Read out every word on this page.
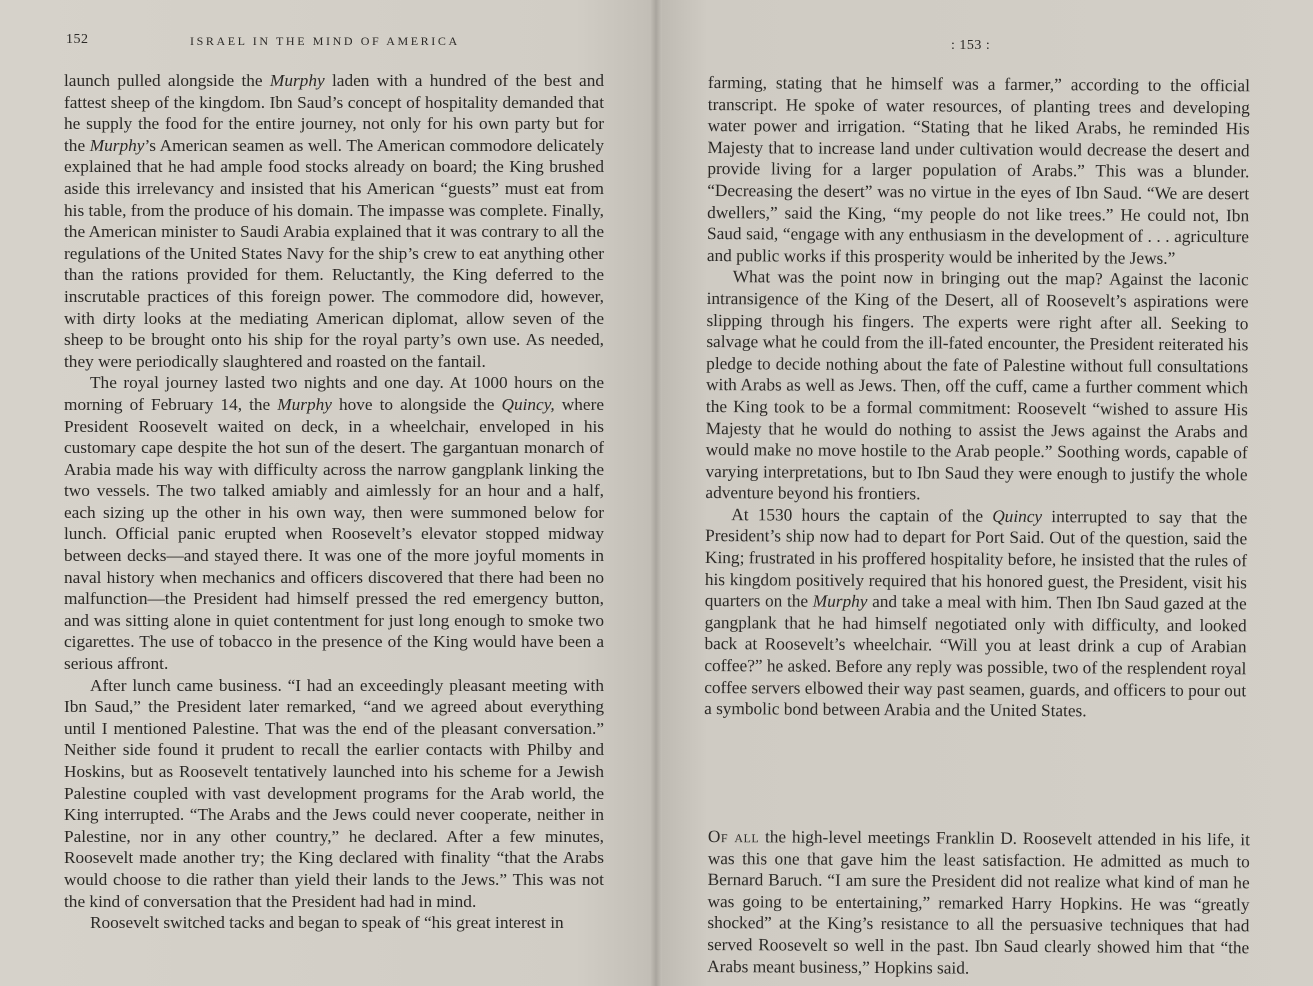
152	ISRAEL IN THE MIND OF AMERICA

launch pulled alongside the Murphy laden with a hundred of the best and fattest sheep of the kingdom. Ibn Saud’s concept of hospitality demanded that he supply the food for the entire journey, not only for his own party but for the Murphy’s American seamen as well. The American commodore delicately explained that he had ample food stocks already on board; the King brushed aside this irrelevancy and insisted that his American “guests” must eat from his table, from the produce of his domain. The impasse was complete. Finally, the American minister to Saudi Arabia explained that it was contrary to all the regulations of the United States Navy for the ship’s crew to eat anything other than the rations provided for them. Reluctantly, the King deferred to the inscrutable practices of this foreign power. The commodore did, however, with dirty looks at the mediating American diplomat, allow seven of the sheep to be brought onto his ship for the royal party’s own use. As needed, they were periodically slaughtered and roasted on the fantail.

The royal journey lasted two nights and one day. At 1000 hours on the morning of February 14, the Murphy hove to alongside the Quincy, where President Roosevelt waited on deck, in a wheelchair, enveloped in his customary cape despite the hot sun of the desert. The gargantuan monarch of Arabia made his way with difficulty across the narrow gangplank linking the two vessels. The two talked amiably and aimlessly for an hour and a half, each sizing up the other in his own way, then were summoned below for lunch. Official panic erupted when Roosevelt’s elevator stopped midway between decks—and stayed there. It was one of the more joyful moments in naval history when mechanics and officers discovered that there had been no malfunction—the President had himself pressed the red emergency button, and was sitting alone in quiet contentment for just long enough to smoke two cigarettes. The use of tobacco in the presence of the King would have been a serious affront.

After lunch came business. “I had an exceedingly pleasant meeting with Ibn Saud,” the President later remarked, “and we agreed about everything until I mentioned Palestine. That was the end of the pleasant conversation.” Neither side found it prudent to recall the earlier contacts with Philby and Hoskins, but as Roosevelt tentatively launched into his scheme for a Jewish Palestine coupled with vast development programs for the Arab world, the King interrupted. “The Arabs and the Jews could never cooperate, neither in Palestine, nor in any other country,” he declared. After a few minutes, Roosevelt made another try; the King declared with finality “that the Arabs would choose to die rather than yield their lands to the Jews.” This was not the kind of conversation that the President had had in mind.

Roosevelt switched tacks and began to speak of “his great interest in

: 153 :

farming, stating that he himself was a farmer,” according to the official transcript. He spoke of water resources, of planting trees and developing water power and irrigation. “Stating that he liked Arabs, he reminded His Majesty that to increase land under cultivation would decrease the desert and provide living for a larger population of Arabs.” This was a blunder. “Decreasing the desert” was no virtue in the eyes of Ibn Saud. “We are desert dwellers,” said the King, “my people do not like trees.” He could not, Ibn Saud said, “engage with any enthusiasm in the development of . . . agriculture and public works if this prosperity would be inherited by the Jews.”

What was the point now in bringing out the map? Against the laconic intransigence of the King of the Desert, all of Roosevelt’s aspirations were slipping through his fingers. The experts were right after all. Seeking to salvage what he could from the ill-fated encounter, the President reiterated his pledge to decide nothing about the fate of Palestine without full consultations with Arabs as well as Jews. Then, off the cuff, came a further comment which the King took to be a formal commitment: Roosevelt “wished to assure His Majesty that he would do nothing to assist the Jews against the Arabs and would make no move hostile to the Arab people.” Soothing words, capable of varying interpretations, but to Ibn Saud they were enough to justify the whole adventure beyond his frontiers.

At 1530 hours the captain of the Quincy interrupted to say that the President’s ship now had to depart for Port Said. Out of the question, said the King; frustrated in his proffered hospitality before, he insisted that the rules of his kingdom positively required that his honored guest, the President, visit his quarters on the Murphy and take a meal with him. Then Ibn Saud gazed at the gangplank that he had himself negotiated only with difficulty, and looked back at Roosevelt’s wheelchair. “Will you at least drink a cup of Arabian coffee?” he asked. Before any reply was possible, two of the resplendent royal coffee servers elbowed their way past seamen, guards, and officers to pour out a symbolic bond between Arabia and the United States.

Of all the high-level meetings Franklin D. Roosevelt attended in his life, it was this one that gave him the least satisfaction. He admitted as much to Bernard Baruch. “I am sure the President did not realize what kind of man he was going to be entertaining,” remarked Harry Hopkins. He was “greatly shocked” at the King’s resistance to all the persuasive techniques that had served Roosevelt so well in the past. Ibn Saud clearly showed him that “the Arabs meant business,” Hopkins said.
